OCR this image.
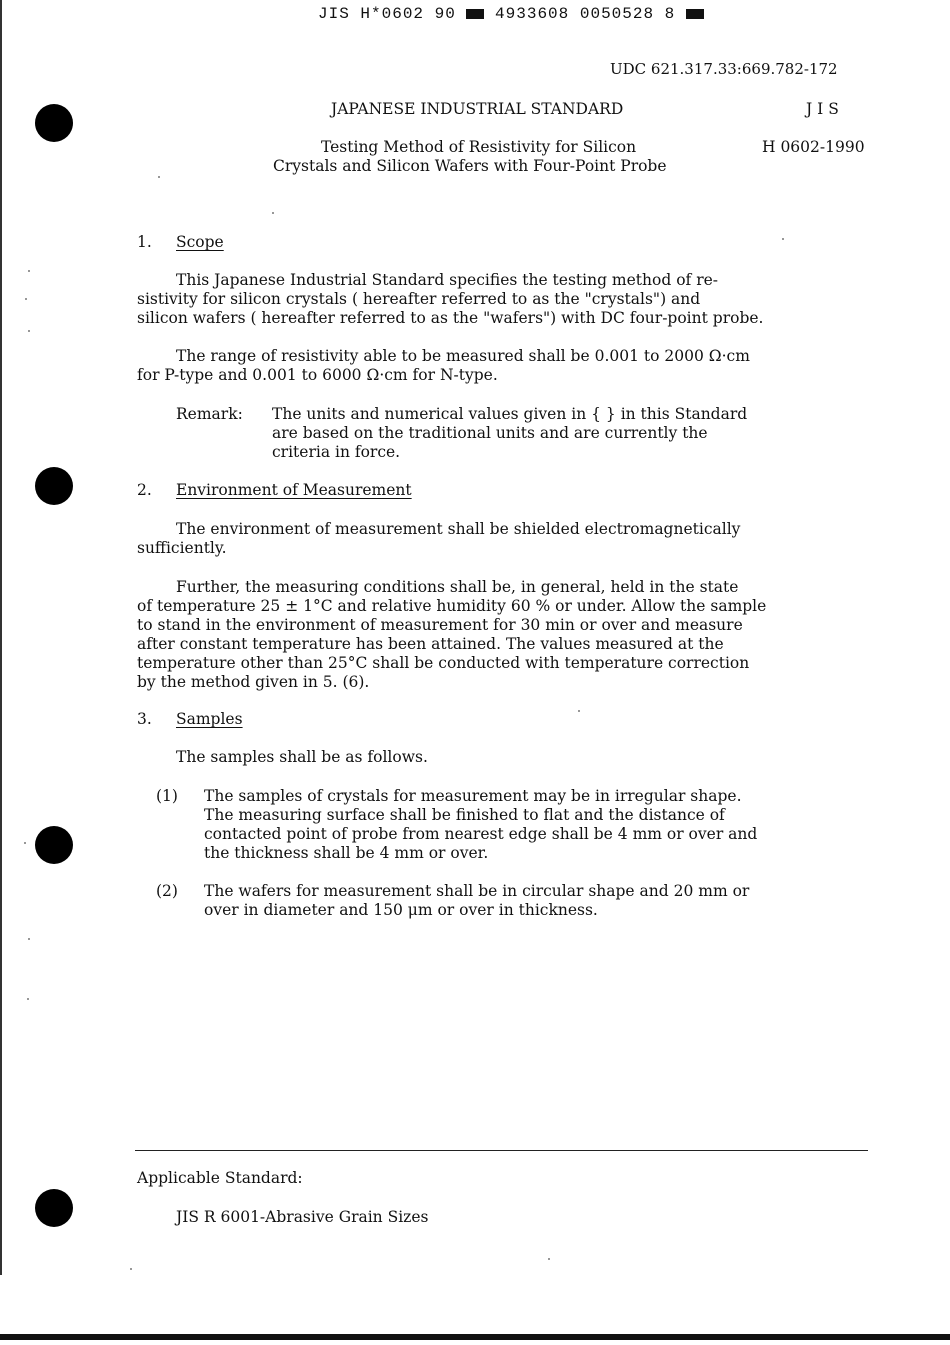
JIS H*0602 90 4933608 0050528 8
UDC 621.317.33:669.782-172
JAPANESE INDUSTRIAL STANDARD	J I S
Testing Method of Resistivity for Silicon	H 0602-1990
Crystals and Silicon Wafers with Four-Point Probe
1. Scope
This Japanese Industrial Standard specifies the testing method of re-
sistivity for silicon crystals ( hereafter referred to as the "crystals") and
silicon wafers ( hereafter referred to as the "wafers") with DC four-point probe.
The range of resistivity able to be measured shall be 0.001 to 2000 Ω·cm
for P-type and 0.001 to 6000 Ω·cm for N-type.
Remark: The units and numerical values given in { } in this Standard
are based on the traditional units and are currently the
criteria in force.
2. Environment of Measurement
The environment of measurement shall be shielded electromagnetically
sufficiently.
Further, the measuring conditions shall be, in general, held in the state
of temperature 25 ± 1°C and relative humidity 60 % or under. Allow the sample
to stand in the environment of measurement for 30 min or over and measure
after constant temperature has been attained. The values measured at the
temperature other than 25°C shall be conducted with temperature correction
by the method given in 5. (6).
3. Samples
The samples shall be as follows.
(1) The samples of crystals for measurement may be in irregular shape.
The measuring surface shall be finished to flat and the distance of
contacted point of probe from nearest edge shall be 4 mm or over and
the thickness shall be 4 mm or over.
(2) The wafers for measurement shall be in circular shape and 20 mm or
over in diameter and 150 μm or over in thickness.
Applicable Standard:
JIS R 6001-Abrasive Grain Sizes
